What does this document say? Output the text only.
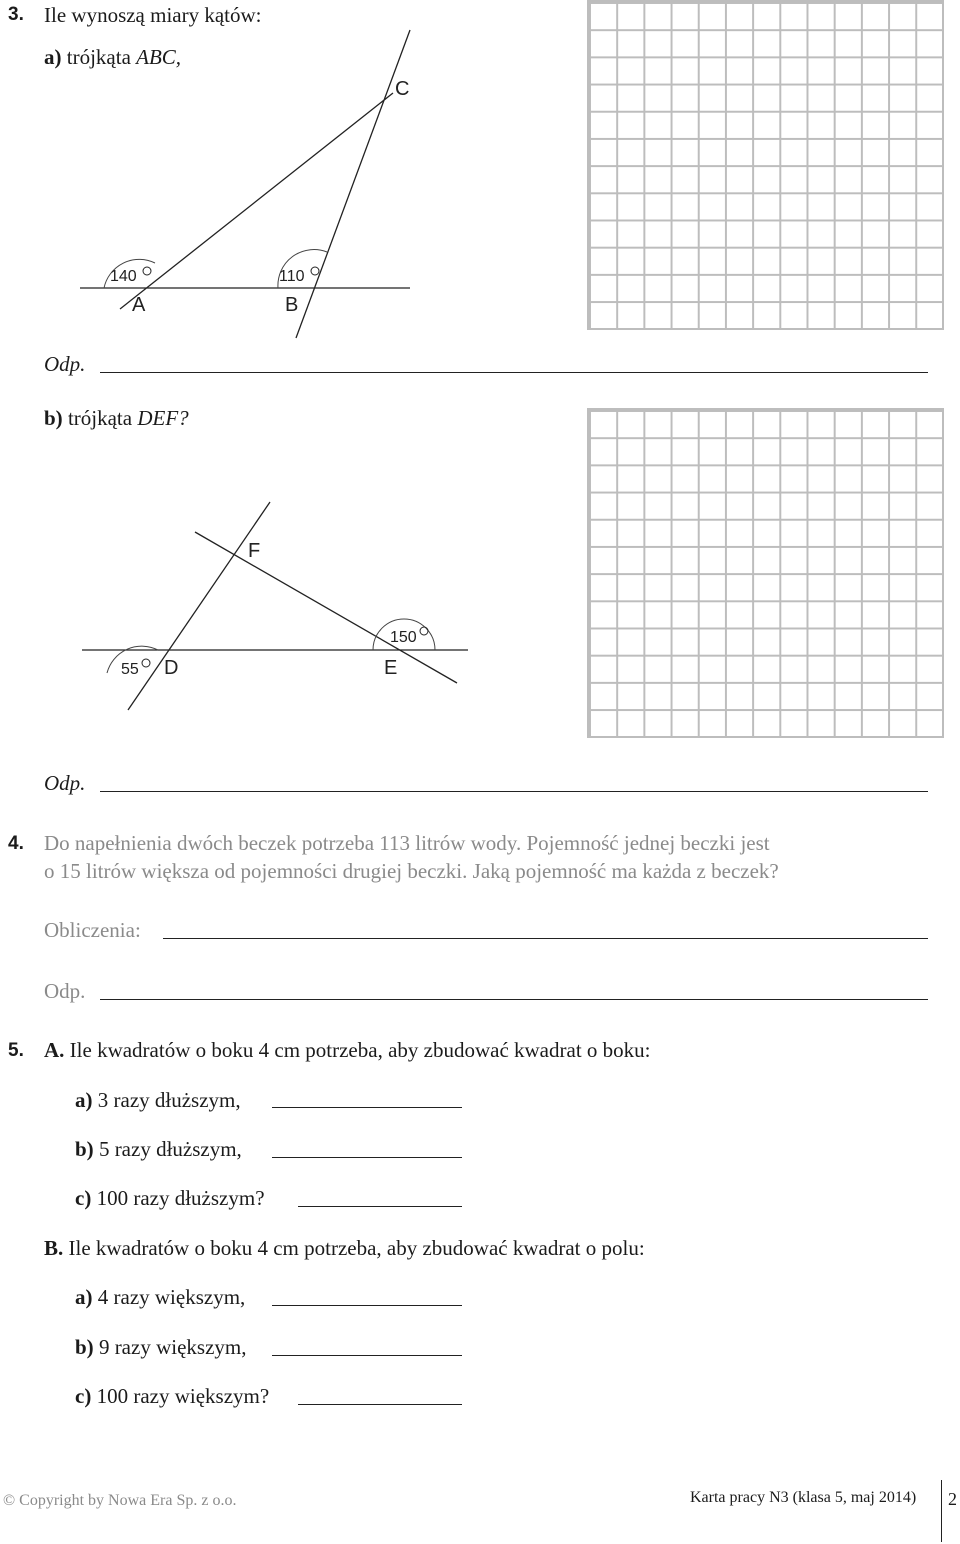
3. Ile wynoszą miary kątów:
a) trójkąta ABC,
140	110
A	B
C
Odp.
b) trójkąta DEF?
55
150
D	E
F
Odp.
4. Do napełnienia dwóch beczek potrzeba 113 litrów wody. Pojemność jednej beczki jest
o 15 litrów większa od pojemności drugiej beczki. Jaką pojemność ma każda z beczek?
Obliczenia:
Odp.
5. A. Ile kwadratów o boku 4 cm potrzeba, aby zbudować kwadrat o boku:
a) 3 razy dłuższym,
b) 5 razy dłuższym,
c) 100 razy dłuższym?
B. Ile kwadratów o boku 4 cm potrzeba, aby zbudować kwadrat o polu:
a) 4 razy większym,
b) 9 razy większym,
c) 100 razy większym?
© Copyright by Nowa Era Sp. z o.o.	Karta pracy N3 (klasa 5, maj 2014) 2
